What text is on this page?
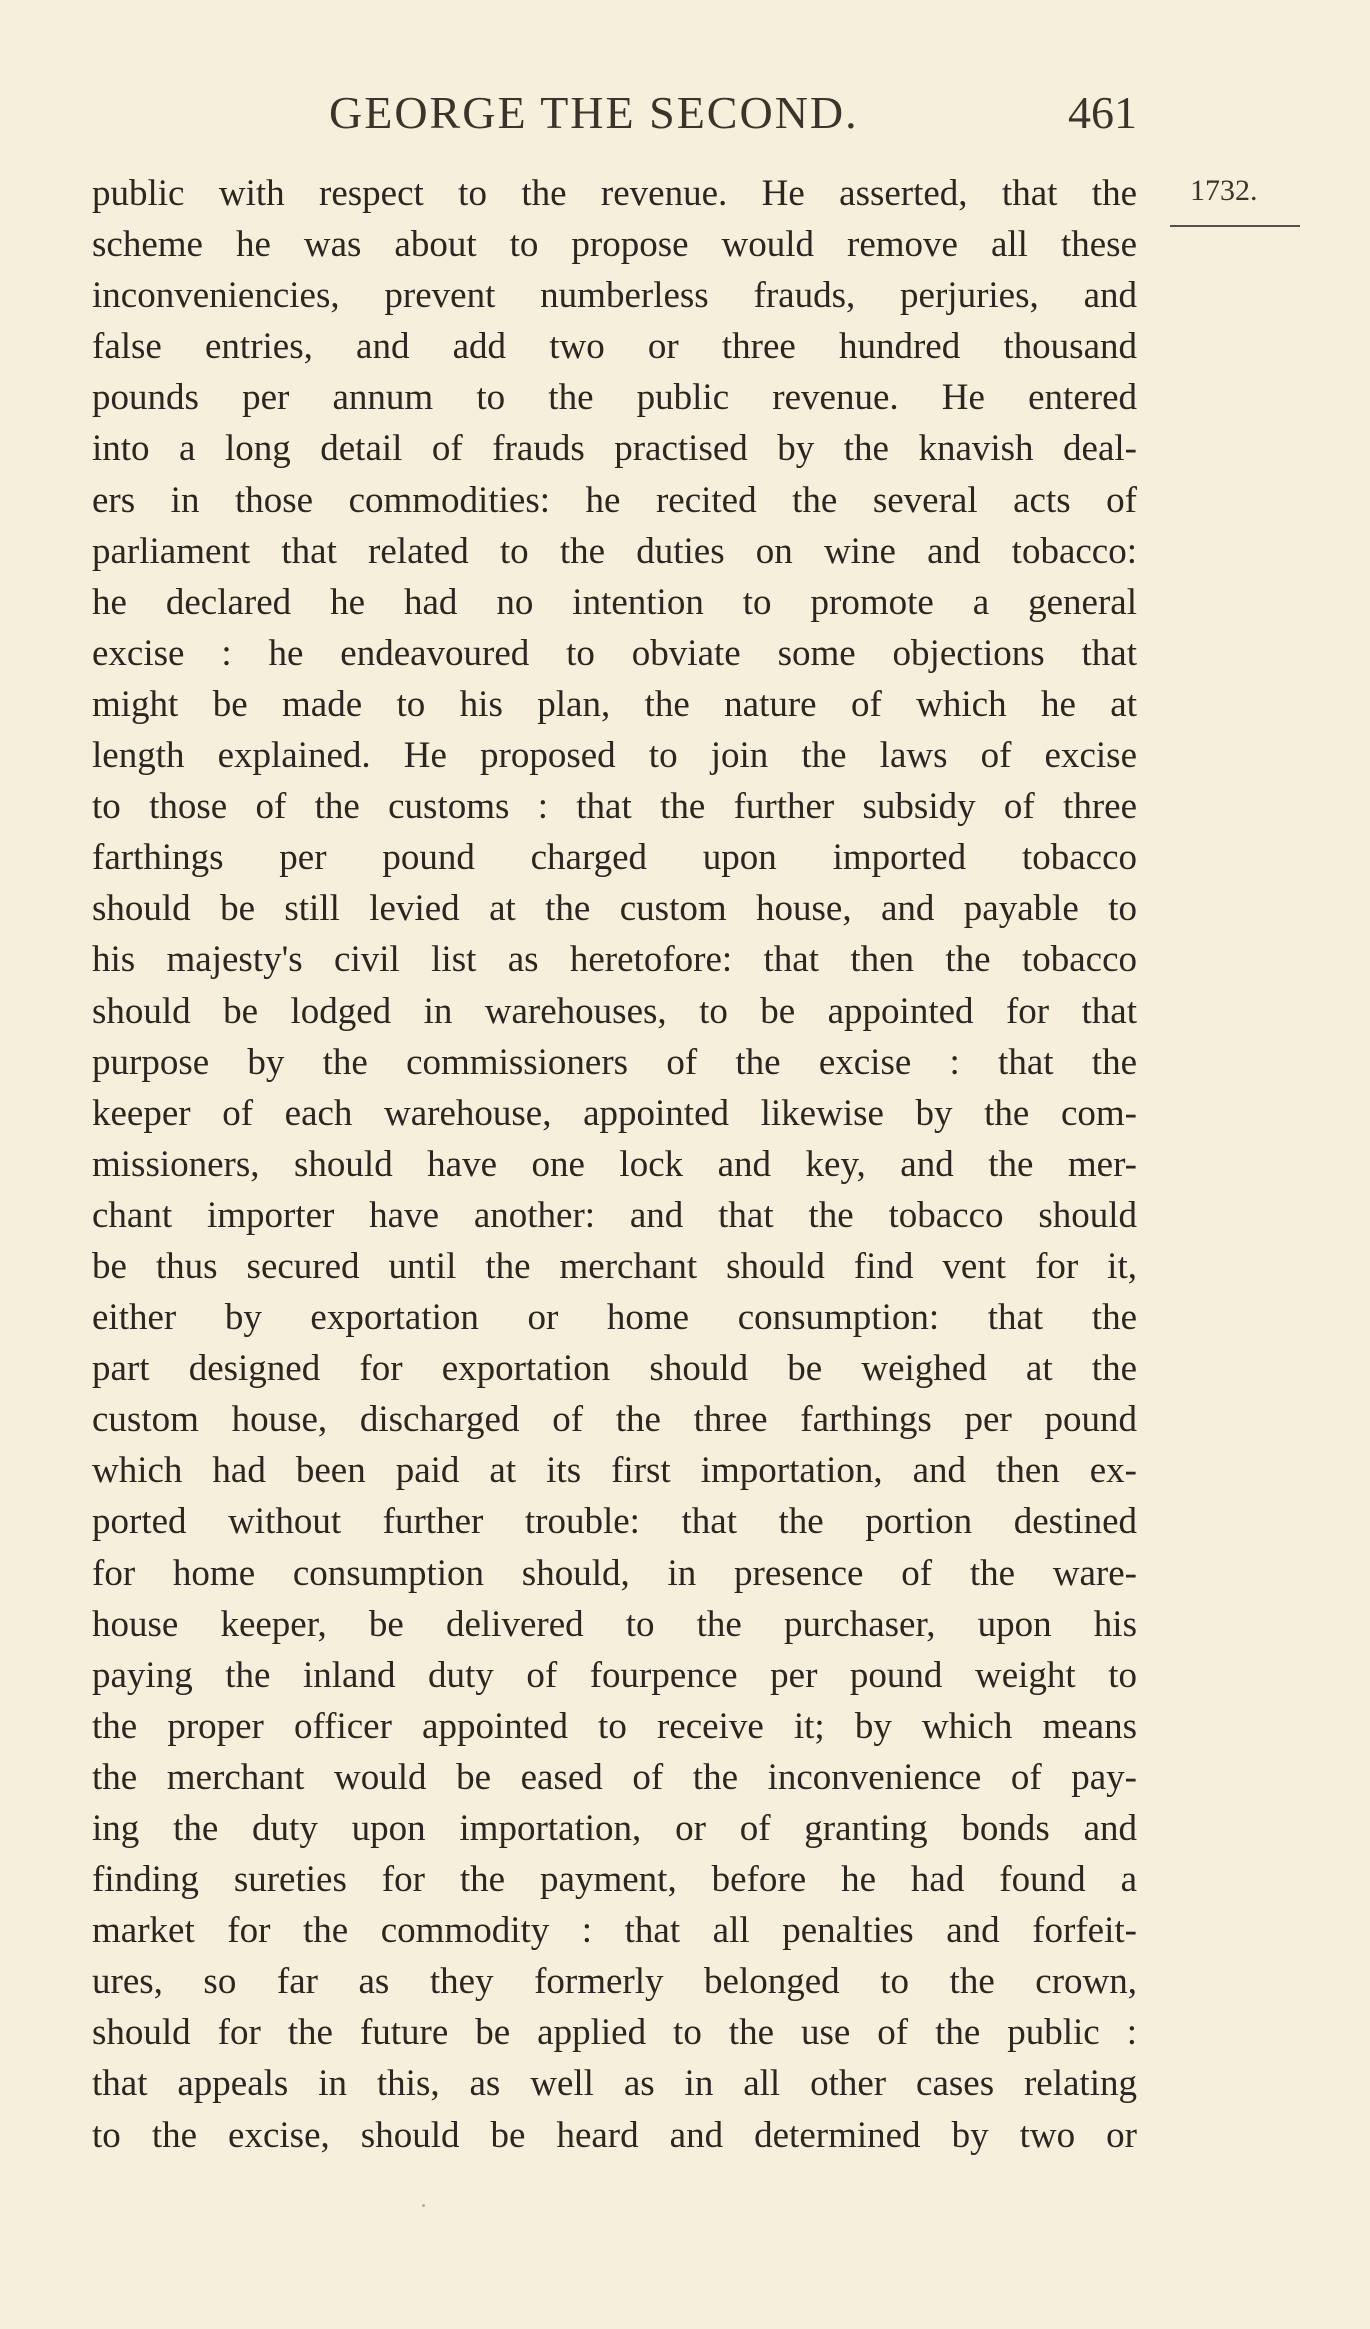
GEORGE THE SECOND.	461
1732.
public with respect to the revenue. He asserted, that the
scheme he was about to propose would remove all these
inconveniencies, prevent numberless frauds, perjuries, and
false entries, and add two or three hundred thousand
pounds per annum to the public revenue. He entered
into a long detail of frauds practised by the knavish deal-
ers in those commodities: he recited the several acts of
parliament that related to the duties on wine and tobacco:
he declared he had no intention to promote a general
excise : he endeavoured to obviate some objections that
might be made to his plan, the nature of which he at
length explained. He proposed to join the laws of excise
to those of the customs : that the further subsidy of three
farthings per pound charged upon imported tobacco
should be still levied at the custom house, and payable to
his majesty's civil list as heretofore: that then the tobacco
should be lodged in warehouses, to be appointed for that
purpose by the commissioners of the excise : that the
keeper of each warehouse, appointed likewise by the com-
missioners, should have one lock and key, and the mer-
chant importer have another: and that the tobacco should
be thus secured until the merchant should find vent for it,
either by exportation or home consumption: that the
part designed for exportation should be weighed at the
custom house, discharged of the three farthings per pound
which had been paid at its first importation, and then ex-
ported without further trouble: that the portion destined
for home consumption should, in presence of the ware-
house keeper, be delivered to the purchaser, upon his
paying the inland duty of fourpence per pound weight to
the proper officer appointed to receive it; by which means
the merchant would be eased of the inconvenience of pay-
ing the duty upon importation, or of granting bonds and
finding sureties for the payment, before he had found a
market for the commodity : that all penalties and forfeit-
ures, so far as they formerly belonged to the crown,
should for the future be applied to the use of the public :
that appeals in this, as well as in all other cases relating
to the excise, should be heard and determined by two or
